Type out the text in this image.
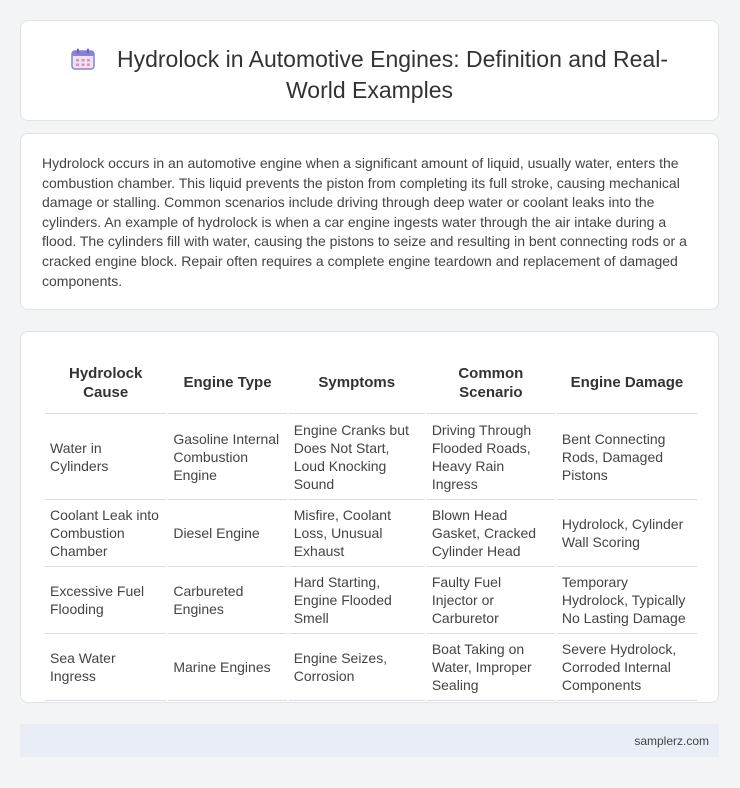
Hydrolock in Automotive Engines: Definition and Real-
World Examples

Hydrolock occurs in an automotive engine when a significant amount of liquid, usually water, enters the combustion chamber. This liquid prevents the piston from completing its full stroke, causing mechanical damage or stalling. Common scenarios include driving through deep water or coolant leaks into the cylinders. An example of hydrolock is when a car engine ingests water through the air intake during a flood. The cylinders fill with water, causing the pistons to seize and resulting in bent connecting rods or a cracked engine block. Repair often requires a complete engine teardown and replacement of damaged components.

Hydrolock Cause	Engine Type	Symptoms	Common Scenario	Engine Damage
Water in Cylinders	Gasoline Internal Combustion Engine	Engine Cranks but Does Not Start, Loud Knocking Sound	Driving Through Flooded Roads, Heavy Rain Ingress	Bent Connecting Rods, Damaged Pistons
Coolant Leak into Combustion Chamber	Diesel Engine	Misfire, Coolant Loss, Unusual Exhaust	Blown Head Gasket, Cracked Cylinder Head	Hydrolock, Cylinder Wall Scoring
Excessive Fuel Flooding	Carbureted Engines	Hard Starting, Engine Flooded Smell	Faulty Fuel Injector or Carburetor	Temporary Hydrolock, Typically No Lasting Damage
Sea Water Ingress	Marine Engines	Engine Seizes, Corrosion	Boat Taking on Water, Improper Sealing	Severe Hydrolock, Corroded Internal Components
samplerz.com
